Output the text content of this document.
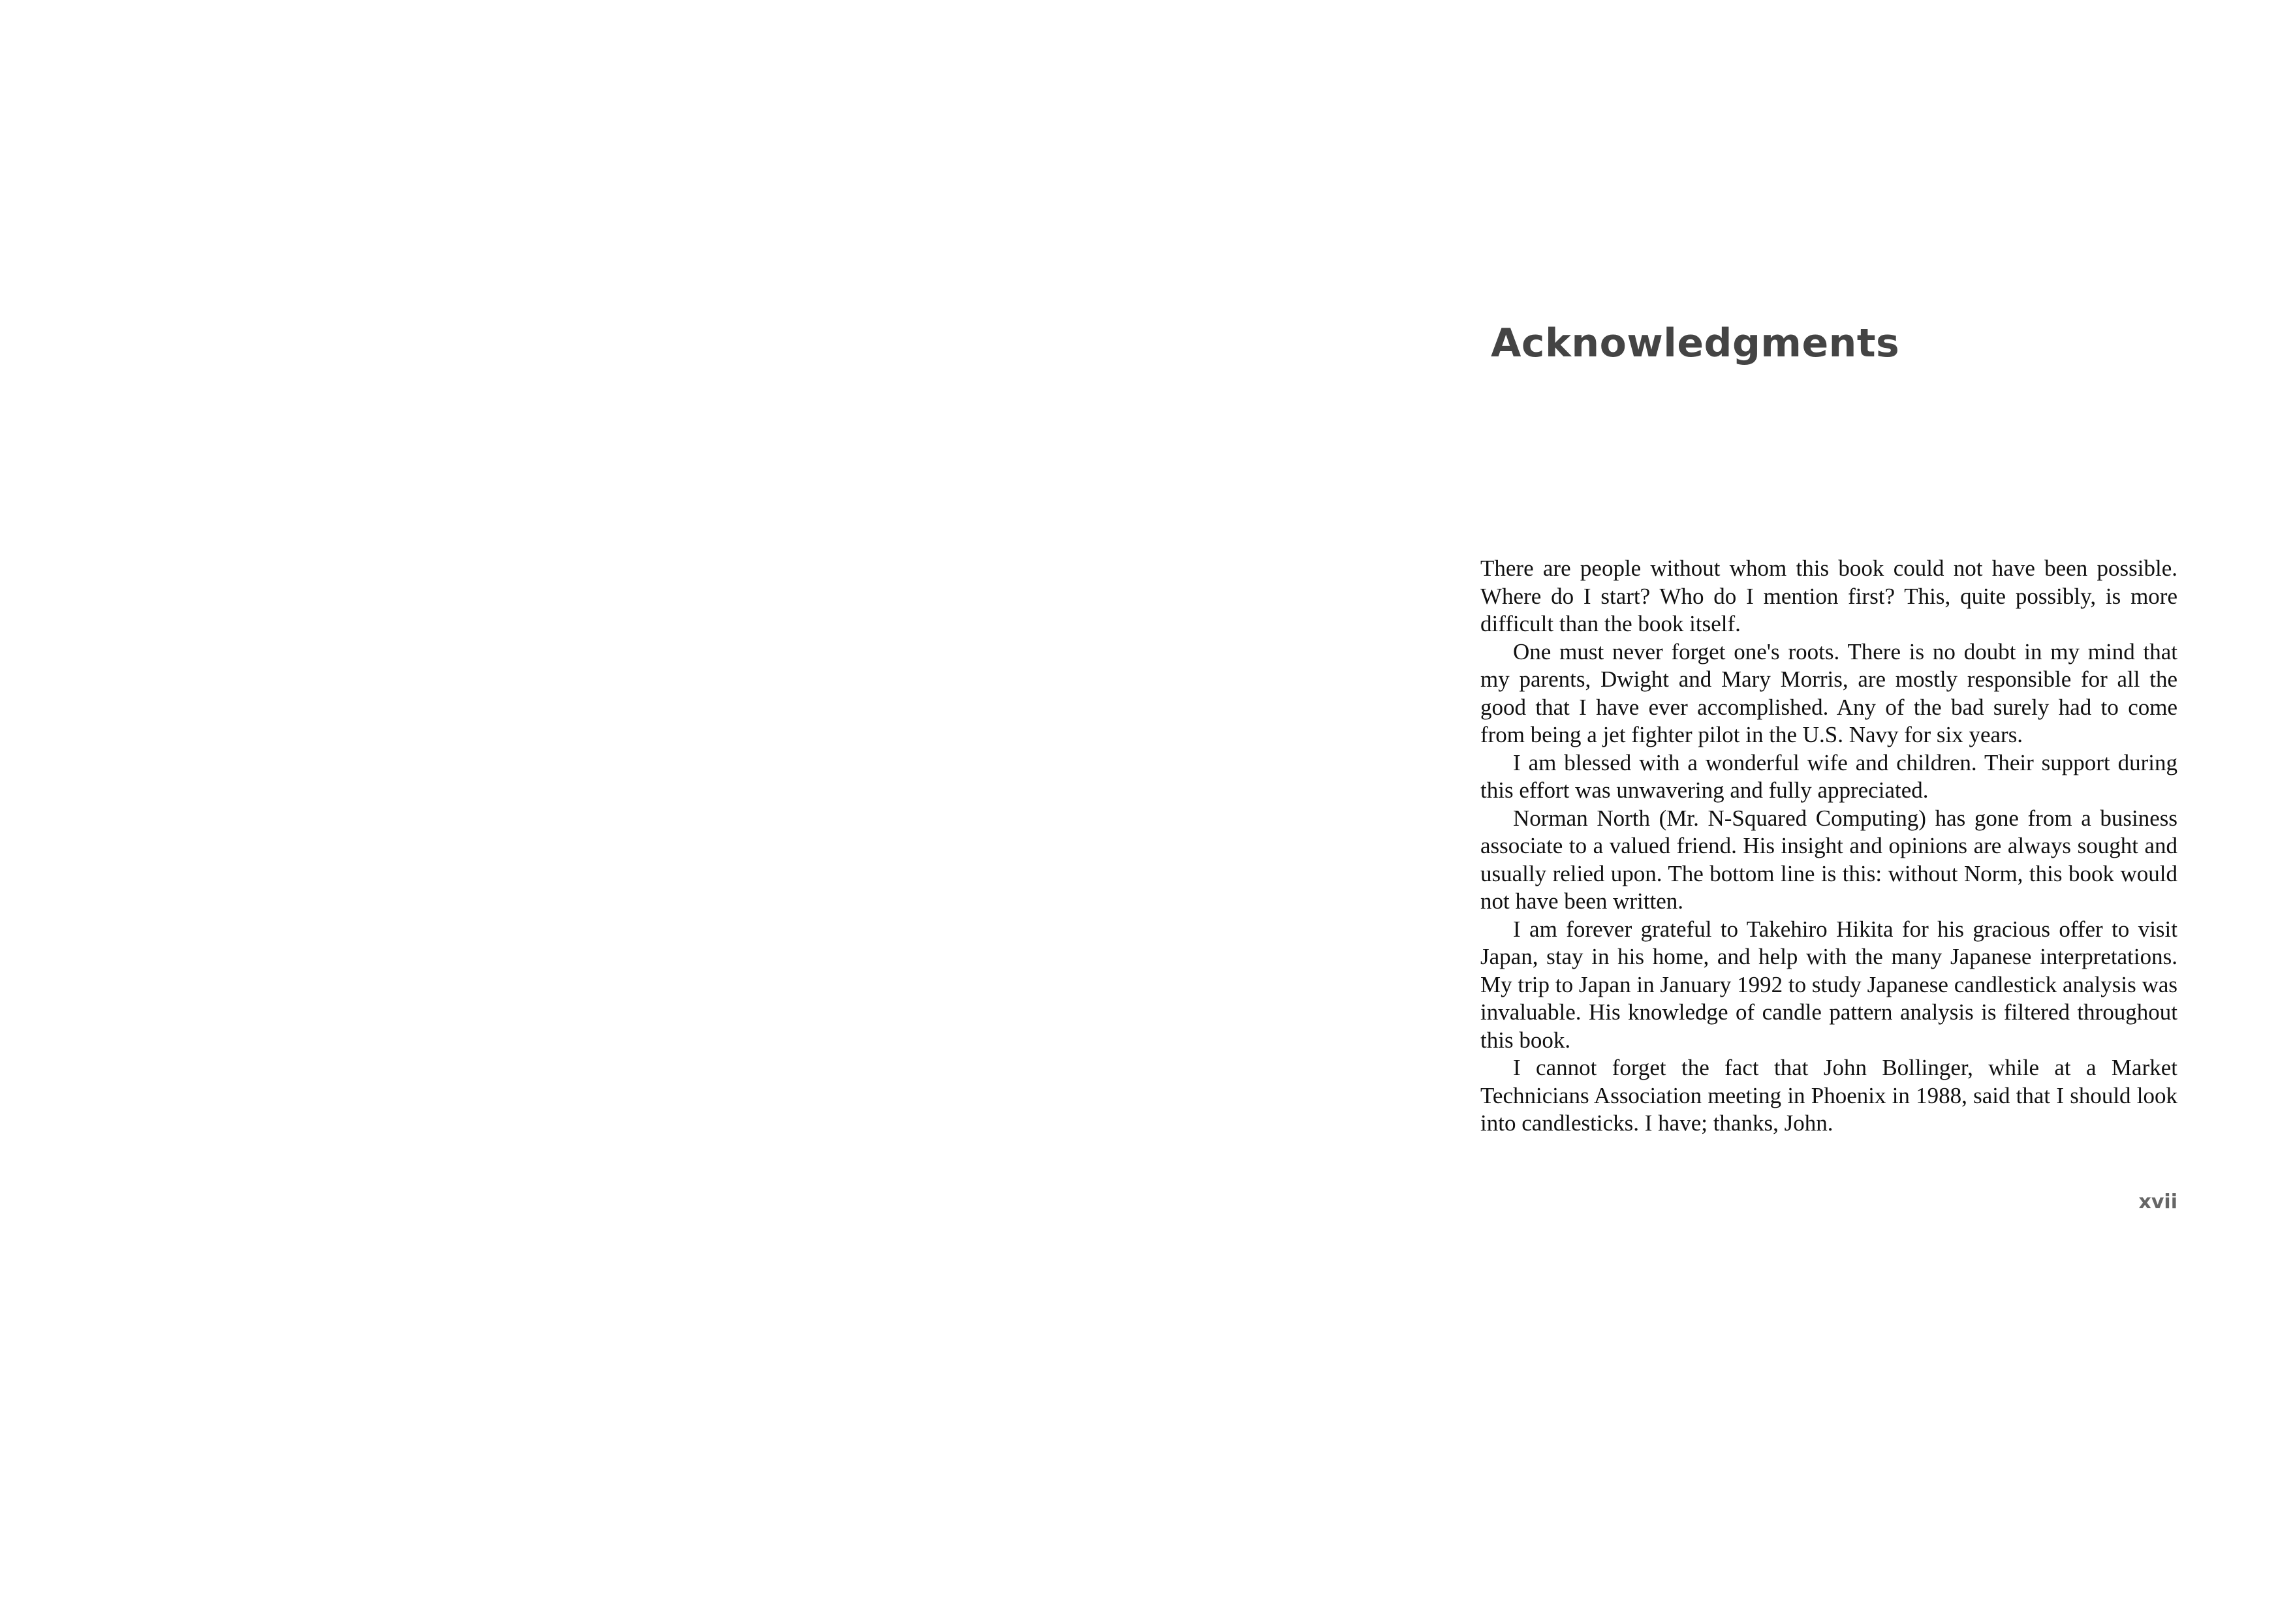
Acknowledgments

There are people without whom this book could not have been possible. Where do I start? Who do I mention first? This, quite possibly, is more difficult than the book itself.

One must never forget one's roots. There is no doubt in my mind that my parents, Dwight and Mary Morris, are mostly responsible for all the good that I have ever accomplished. Any of the bad surely had to come from being a jet fighter pilot in the U.S. Navy for six years.

I am blessed with a wonderful wife and children. Their support during this effort was unwavering and fully appreciated.

Norman North (Mr. N-Squared Computing) has gone from a business associate to a valued friend. His insight and opinions are always sought and usually relied upon. The bottom line is this: without Norm, this book would not have been written.

I am forever grateful to Takehiro Hikita for his gracious offer to visit Japan, stay in his home, and help with the many Japanese interpretations. My trip to Japan in January 1992 to study Japanese candlestick analysis was invaluable. His knowledge of candle pattern analysis is filtered throughout this book.

I cannot forget the fact that John Bollinger, while at a Market Technicians Association meeting in Phoenix in 1988, said that I should look into candlesticks. I have; thanks, John.

xvii
